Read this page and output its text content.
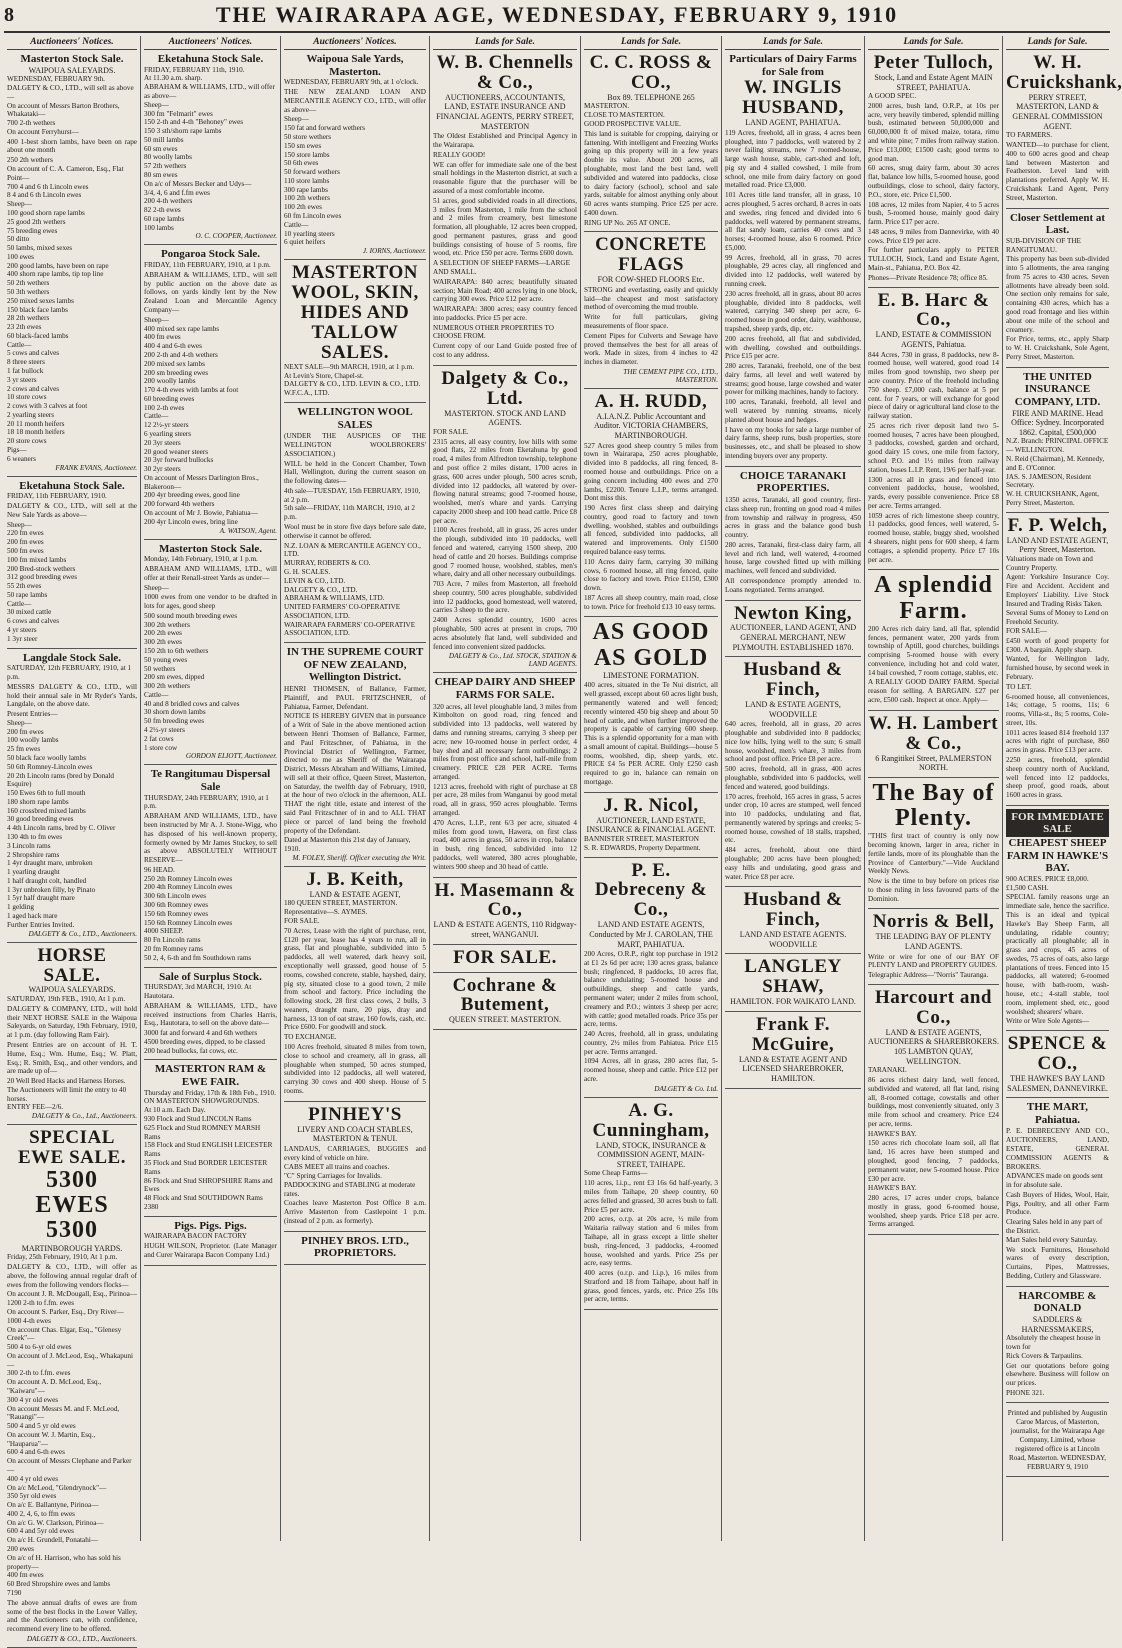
8	THE WAIRARAPA AGE, WEDNESDAY, FEBRUARY 9, 1910
Auctioneers' Notices.
Masterton Stock Sale.
WAIPOUA SALEYARDS.
WEDNESDAY, FEBRUARY 9th.
DALGETY & CO., LTD., will sell as above—
On account of Messrs Barton Brothers, Whakataki—
700 2-th wethers
On account Ferryhurst—
400 1-best shorn lambs, have been on rape about one month
250 2th wethers
On account of C. A. Cameron, Esq., Flat Point—
700 4 and 6 th Lincoln ewes
8 4 and 6 th Lincoln ewes
Sheep—
100 good shorn rape lambs
25 good 2th wethers
75 breeding ewes
50 ditto
50 lambs, mixed sexes
100 ewes
200 good lambs, have been on rape
400 shorn rape lambs, tip top line
50 2th wethers
50 3th wethers
250 mixed sexes lambs
150 black face lambs
28 2th wethers
23 2th ewes
60 black-faced lambs
Cattle—
5 cows and calves
8 three steers
1 fat bullock
3 yr steers
2 cows and calves
10 store cows
2 cows with 3 calves at foot
2 yearling steers
20 11 month heifers
18 18 month heifers
20 store cows
Pigs—
6 weaners
FRANK EVANS, Auctioneer.
Eketahuna Stock Sale.
FRIDAY, 11th FEBRUARY, 1910.
DALGETY & CO., LTD., will sell at the New Sale Yards as above—
Sheep—
220 fm ewes
200 fm ewes
500 fm ewes
100 fm mixed lambs
200 Bred-stock wethers
312 good breeding ewes
55 2th ewes
50 rape lambs
Cattle—
30 mixed cattle
6 cows and calves
4 yr steers
1 3yr steer
Langdale Stock Sale.
SATURDAY, 12th FEBRUARY, 1910, at 1 p.m.
MESSRS DALGETY & CO., LTD., will hold their annual sale in Mr Ryder's Yards, Langdale, on the above date.
Present Entries—
Sheep—
200 fm ewes
100 woolly lambs
25 fm ewes
50 black face woolly lambs
50 6th Romney-Lincoln ewes
20 2th Lincoln rams (bred by Donald Esquire)
150 Ewes 6th to full mouth
180 shorn rape lambs
160 crossbred mixed lambs
30 good breeding ewes
4 4th Lincoln rams, bred by C. Oliver
130 4th to fm ewes
3 Lincoln rams
2 Shropshire rams
1 4yr draught mare, unbroken
1 yearling draught
1 half draught colt, handled
1 3yr unbroken filly, by Pinato
1 5yr half draught mare
1 gelding
1 aged hack mare
Further Entries Invited.
DALGETY & Co., LTD., Auctioneers.
HORSE SALE.
WAIPOUA SALEYARDS.
SATURDAY, 19th FEB., 1910, At 1 p.m.
DALGETY & COMPANY, LTD., will hold their NEXT HORSE SALE in the Waipoua Saleyards, on Saturday, 19th February, 1910, at 1 p.m. (day following Ram Fair).
Present Entries are on account of H. T. Hume, Esq.; Wm. Hume, Esq.; W. Platt, Esq.; R. Smith, Esq., and other vendors, and are made up of—
20 Well Bred Hacks and Harness Horses.
The Auctioneers will limit the entry to 40 horses.
ENTRY FEE—2/6.
DALGETY & Co., Ltd., Auctioneers.
SPECIAL EWE SALE.
5300 EWES 5300
MARTINBOROUGH YARDS.
Friday, 25th February, 1910, At 1 p.m.
DALGETY & CO., LTD., will offer as above, the following annual regular draft of ewes from the following vendors flocks—
On account J. R. McDougall, Esq., Pirinoa—
1200 2-th to f.fm. ewes
On account S. Parker, Esq., Dry River—
1000 4-th ewes
On account Chas. Elgar, Esq., "Glenesy Creek"—
500 4 to 6-yr old ewes
On account of J. McLeod, Esq., Whakapuni—
300 2-th to f.fm. ewes
On account A. D. McLeod, Esq., "Kaiwaru"—
300 4 yr old ewes
On account Messrs M. and F. McLeod, "Rauangi"—
500 4 and 5 yr old ewes
On account W. J. Martin, Esq., "Hauparua"—
600 4 and 6-th ewes
On account of Messrs Clephane and Parker—
400 4 yr old ewes
On a/c McLeod, "Glendrynock"—
350 5yr old ewes
On a/c E. Ballantyne, Pirinoa—
400 2, 4, 6, to ffm ewes
On a/c G. W. Clarkson, Pirinoa—
600 4 and 5yr old ewes
On a/c H. Grundell, Ponatahi—
200 ewes
On a/c of H. Harrison, who has sold his property—
400 fm ewes
60 Bred Shropshire ewes and lambs
7190
The above annual drafts of ewes are from some of the best flocks in the Lower Valley, and the Auctioneers can, with confidence, recommend every line to be offered.
DALGETY & CO., LTD., Auctioneers.
Auctioneers' Notices.
Eketahuna Stock Sale.
FRIDAY, FEBRUARY 11th, 1910.
At 11.30 a.m. sharp.
ABRAHAM & WILLIAMS, LTD., will offer as above—
Sheep—
300 fm "Felmarit" ewes
150 2-th and 4-th "Behoney" ewes
150 3 sth/shorn rape lambs
50 mill lambs
60 sm ewes
80 woolly lambs
57 2th wethers
80 sm ewes
On a/c of Messrs Becker and Udys—
3/4, 4, 6 and f.fm ewes
200 4-th wethers
82 2-th ewes
60 rape lambs
100 lambs
O. C. COOPER, Auctioneer.
Pongaroa Stock Sale.
FRIDAY, 11th FEBRUARY, 1910, at 1 p.m.
ABRAHAM & WILLIAMS, LTD., will sell by public auction on the above date as follows, on yards kindly lent by the New Zealand Loan and Mercantile Agency Company—
Sheep—
400 mixed sex rape lambs
400 fm ewes
400 4 and 6-th ewes
200 2-th and 4-th wethers
200 mixed sex lambs
200 sm breeding ewes
200 woolly lambs
170 4-th ewes with lambs at foot
60 breeding ewes
100 2-th ewes
Cattle—
12 2½-yr steers
6 yearling steers
20 3yr steers
20 good weaner steers
20 3yr forward bullocks
30 2yr steers
On account of Messrs Darlington Bros., Blakeroon—
200 4yr breeding ewes, good line
200 forward 4th wethers
On account of Mr J. Bowie, Pahiatua—
200 4yr Lincoln ewes, bring line
A. WATSON, Agent.
Masterton Stock Sale.
Monday, 14th February, 1910, at 1 p.m.
ABRAHAM AND WILLIAMS, LTD., will offer at their Renall-street Yards as under—
Sheep—
1000 ewes from one vendor to be drafted in lots for ages, good sheep
500 sound mouth breeding ewes
300 2th wethers
200 2th ewes
300 2th ewes
150 2th to 6th wethers
50 young ewes
50 wethers
200 sm ewes, dipped
300 2th wethers
Cattle—
40 and 8 bridled cows and calves
30 shorn down lambs
50 fm breeding ewes
4 2½-yr steers
2 fat cows
1 store cow
GORDON ELIOTT, Auctioneer.
Te Rangitumau Dispersal Sale
THURSDAY, 24th FEBRUARY, 1910, at 1 p.m.
ABRAHAM AND WILLIAMS, LTD., have been instructed by Mr A. J. Stone-Wigg, who has disposed of his well-known property, formerly owned by Mr James Stuckey, to sell as above ABSOLUTELY WITHOUT RESERVE—
96 HEAD.
250 2th Romney Lincoln ewes
200 4th Romney Lincoln ewes
300 6th Lincoln ewes
300 6th Romney ewes
150 6th Romney ewes
150 6th Romney Lincoln ewes
4000 SHEEP.
80 Fn Lincoln rams
20 fm Romney rams
50 2, 4, 6-th and fm Southdown rams
Sale of Surplus Stock.
THURSDAY, 3rd MARCH, 1910. At Hautotara.
ABRAHAM & WILLIAMS, LTD., have received instructions from Charles Harris, Esq., Hautotara, to sell on the above date—
3000 fat and forward 4 and 6th wethers
4500 breeding ewes, dipped, to be classed
200 head bullocks, fat cows, etc.
MASTERTON RAM & EWE FAIR.
Thursday and Friday, 17th & 18th Feb., 1910.
ON MASTERTON SHOWGROUNDS.
At 10 a.m. Each Day.
930 Flock and Stud LINCOLN Rams
625 Flock and Stud ROMNEY MARSH Rams
158 Flock and Stud ENGLISH LEICESTER Rams
35 Flock and Stud BORDER LEICESTER Rams
86 Flock and Stud SHROPSHIRE Rams and Ewes
48 Flock and Stud SOUTHDOWN Rams
2380
Pigs. Pigs. Pigs.
WAIRARAPA BACON FACTORY
HUGH WILSON, Proprietor. (Late Manager and Curer Wairarapa Bacon Company Ltd.)
Auctioneers' Notices.
Waipoua Sale Yards, Masterton.
WEDNESDAY, FEBRUARY 9th, at 1 o'clock.
THE NEW ZEALAND LOAN AND MERCANTILE AGENCY CO., LTD., will offer as above—
Sheep—
150 fat and forward wethers
50 store wethers
150 sm ewes
150 store lambs
50 6th ewes
50 forward wethers
110 store lambs
300 rape lambs
100 2th wethers
100 2th ewes
60 fm Lincoln ewes
Cattle—
10 yearling steers
6 quiet heifers
J. IORNS, Auctioneer.
MASTERTON WOOL, SKIN, HIDES AND TALLOW SALES.
NEXT SALE—9th MARCH, 1910, at 1 p.m.
At Levin's Store, Chapel-st.
DALGETY & CO., LTD. LEVIN & CO., LTD. W.F.C.A., LTD.
WELLINGTON WOOL SALES
(UNDER THE AUSPICES OF THE WELLINGTON WOOLBROKERS' ASSOCIATION.)
WILL be held in the Concert Chamber, Town Hall, Wellington, during the current season on the following dates—
4th sale—TUESDAY, 15th FEBRUARY, 1910, at 2 p.m.
5th sale—FRIDAY, 11th MARCH, 1910, at 2 p.m.
Wool must be in store five days before sale date, otherwise it cannot be offered.
N.Z. LOAN & MERCANTILE AGENCY CO., LTD.
MURRAY, ROBERTS & CO.
G. H. SCALES.
LEVIN & CO., LTD.
DALGETY & CO., LTD.
ABRAHAM & WILLIAMS, LTD.
UNITED FARMERS' CO-OPERATIVE ASSOCIATION, LTD.
WAIRARAPA FARMERS' CO-OPERATIVE ASSOCIATION, LTD.
IN THE SUPREME COURT OF NEW ZEALAND, Wellington District.
HENRI THOMSEN, of Ballance, Farmer, Plaintiff, and PAUL FRITZSCHNER, of Pahiatua, Farmer, Defendant.
NOTICE IS HEREBY GIVEN that in pursuance of a Writ of Sale in the above mentioned action between Henri Thomsen of Ballance, Farmer, and Paul Fritzschner, of Pahiatua, in the Provincial District of Wellington, Farmer, directed to me as Sheriff of the Wairarapa District, Messrs Abraham and Williams, Limited, will sell at their office, Queen Street, Masterton, on Saturday, the twelfth day of February, 1910, at the hour of two o'clock in the afternoon, ALL THAT the right title, estate and interest of the said Paul Fritzschner of in and to ALL THAT piece or parcel of land being the freehold property of the Defendant.
Dated at Masterton this 21st day of January, 1910.
M. FOLEY, Sheriff. Officer executing the Writ.
J. B. Keith,
LAND & ESTATE AGENT,
180 QUEEN STREET, MASTERTON.
Representative—S. AYMES.
FOR SALE.
70 Acres, Lease with the right of purchase, rent, £120 per year, lease has 4 years to run, all in grass, flat and ploughable, subdivided into 5 paddocks, all well watered, dark heavy soil, exceptionally well grassed, good house of 5 rooms, cowshed concrete, stable, hayshed, dairy, pig sty, situated close to a good town, 2 mile from school and factory. Price including the following stock, 28 first class cows, 2 bulls, 3 weaners, draught mare, 20 pigs, dray and harness, 13 ton of oat straw, 160 fowls, cash, etc. Price £600. For goodwill and stock.
TO EXCHANGE.
100 Acres freehold, situated 8 miles from town, close to school and creamery, all in grass, all ploughable when stumped, 50 acres stumped, subdivided into 12 paddocks, all well watered, carrying 30 cows and 400 sheep. House of 5 rooms.
PINHEY'S
LIVERY AND COACH STABLES, MASTERTON & TENUI.
LANDAUS, CARRIAGES, BUGGIES and every kind of vehicle on hire.
CABS MEET all trains and coaches.
"C" Spring Carriages for Invalids.
PADDOCKING and STABLING at moderate rates.
Coaches leave Masterton Post Office 8 a.m. Arrive Masterton from Castlepoint 1 p.m. (instead of 2 p.m. as formerly).
PINHEY BROS. LTD., PROPRIETORS.
Lands for Sale.
W. B. Chennells & Co.,
AUCTIONEERS, ACCOUNTANTS, LAND, ESTATE INSURANCE AND FINANCIAL AGENTS, PERRY STREET, MASTERTON
The Oldest Established and Principal Agency in the Wairarapa.
REALLY GOOD!
WE can offer for immediate sale one of the best small holdings in the Masterton district, at such a reasonable figure that the purchaser will be assured of a most comfortable income.
51 acres, good subdivided roads in all directions, 3 miles from Masterton, 1 mile from the school and 2 miles from creamery, best limestone formation, all ploughable, 12 acres been cropped, good permanent pastures, grass and good buildings consisting of house of 5 rooms, fire wood, etc. Price £50 per acre. Terms £600 down.
A SELECTION OF SHEEP FARMS—LARGE AND SMALL.
WAIRARAPA: 840 acres; beautifully situated section; Main Road; 400 acres lying in one block, carrying 300 ewes. Price £12 per acre.
WAIRARAPA: 3800 acres; easy country fenced into paddocks. Price £5 per acre.
NUMEROUS OTHER PROPERTIES TO CHOOSE FROM.
Current copy of our Land Guide posted free of cost to any address.
Dalgety & Co., Ltd.
MASTERTON. STOCK AND LAND AGENTS.
FOR SALE.
2315 acres, all easy country, low hills with some good flats, 22 miles from Eketahuna by good road, 4 miles from Alfredton township, telephone and post office 2 miles distant, 1700 acres in grass, 600 acres under plough, 500 acres scrub, divided into 12 paddocks, all watered by over-flowing natural streams; good 7-roomed house, woolshed, men's whare and yards. Carrying capacity 2000 sheep and 100 head cattle. Price £8 per acre.
1100 Acres freehold, all in grass, 26 acres under the plough, subdivided into 10 paddocks, well fenced and watered, carrying 1500 sheep, 200 head of cattle and 20 horses. Buildings comprise good 7 roomed house, woolshed, stables, men's whare, dairy and all other necessary outbuildings.
703 Acre, 7 miles from Masterton, all freehold sheep country, 500 acres ploughable, subdivided into 12 paddocks, good homestead, well watered, carries 3 sheep to the acre.
2400 Acres splendid country, 1600 acres ploughable, 500 acres at present in crops, 700 acres absolutely flat land, well subdivided and fenced into convenient sized paddocks.
DALGETY & Co., Ltd. STOCK, STATION & LAND AGENTS.
CHEAP DAIRY AND SHEEP FARMS FOR SALE.
320 acres, all level ploughable land, 3 miles from Kimbolton on good road, ring fenced and subdivided into 13 paddocks, well watered by dams and running streams, carrying 3 sheep per acre; new 10-roomed house in perfect order, 4 bay shed and all necessary farm outbuildings; 2 miles from post office and school, half-mile from creamery. PRICE £28 PER ACRE. Terms arranged.
1213 acres, freehold with right of purchase at £8 per acre, 28 miles from Wanganui by good metal road, all in grass, 950 acres ploughable. Terms arranged.
470 Acres, L.I.P., rent 6/3 per acre, situated 4 miles from good town, Hawera, on first class road, 400 acres in grass, 50 acres in crop, balance in bush, ring fenced, subdivided into 12 paddocks, well watered, 380 acres ploughable, winters 900 sheep and 30 head of cattle.
H. Masemann & Co.,
LAND & ESTATE AGENTS, 110 Ridgway-street, WANGANUI.
FOR SALE.
Cochrane & Butement,
QUEEN STREET. MASTERTON.
Lands for Sale.
C. C. ROSS & CO.,
Box 89. TELEPHONE 265
MASTERTON.
CLOSE TO MASTERTON.
GOOD PROSPECTIVE VALUE.
This land is suitable for cropping, dairying or fattening. With intelligent and Freezing Works going up this property will in a few years double its value. About 200 acres, all ploughable, most land the best land, well subdivided and watered into paddocks, close to dairy factory (school), school and sale yards, suitable for almost anything only about 60 acres wants stumping. Price £25 per acre. £400 down.
RING UP No. 265 AT ONCE.
CONCRETE FLAGS
FOR COW-SHED FLOORS Etc.
STRONG and everlasting, easily and quickly laid—the cheapest and most satisfactory method of overcoming the mud trouble.
Write for full particulars, giving measurements of floor space.
Cement Pipes for Culverts and Sewage have proved themselves the best for all areas of work. Made in sizes, from 4 inches to 42 inches in diameter.
THE CEMENT PIPE CO., LTD., MASTERTON.
A. H. RUDD,
A.I.A.N.Z. Public Accountant and Auditor. VICTORIA CHAMBERS, MARTINBOROUGH.
527 Acres good sheep country 5 miles from town in Wairarapa, 250 acres ploughable, divided into 8 paddocks, all ring fenced, 8-roomed house and outbuildings. Price on a going concern including 400 ewes and 270 lambs, £2200. Tenure L.I.P., terms arranged. Dont miss this.
190 Acres first class sheep and dairying country, good road to factory and town dwelling, woolshed, stables and outbuildings all fenced, subdivided into paddocks, all watered and improvements. Only £1500 required balance easy terms.
110 Acres dairy farm, carrying 30 milking cows, 6 roomed house, all ring fenced, quite close to factory and town. Price £1150, £300 down.
187 Acres all sheep country, main road, close to town. Price for freehold £13 10 easy terms.
AS GOOD AS GOLD
LIMESTONE FORMATION.
400 acres, situated in the Te Nui district, all well grassed, except about 60 acres light bush, permanently watered and well fenced; recently wintered 450 big sheep and about 50 head of cattle, and when further improved the property is capable of carrying 600 sheep. This is a splendid opportunity for a man with a small amount of capital. Buildings—house 5 rooms, woolshed, dip, sheep yards, etc. PRICE £4 5s PER ACRE. Only £250 cash required to go in, balance can remain on mortgage.
J. R. Nicol,
AUCTIONEER, LAND ESTATE, INSURANCE & FINANCIAL AGENT.
BANNISTER STREET, MASTERTON
S. R. EDWARDS, Property Department.
P. E. Debreceny & Co.,
LAND AND ESTATE AGENTS, Conducted by Mr J. CAROLAN, THE MART, PAHIATUA.
200 Acres, O.R.P., right top purchase in 1912 at £1 2s 6d per acre; 130 acres grass, balance bush; ringfenced, 8 paddocks, 10 acres flat, balance undulating; 5-roomed house and outbuildings, sheep and cattle yards, permanent water; under 2 miles from school, creamery and P.O.; winters 3 sheep per acre; with cattle; good metalled roads. Price 35s per acre, terms.
240 Acres, freehold, all in grass, undulating country, 2½ miles from Pahiatua. Price £15 per acre. Terms arranged.
1094 Acres, all in grass, 280 acres flat, 5-roomed house, sheep and cattle. Price £12 per acre.
DALGETY & Co. Ltd.
A. G. Cunningham,
LAND, STOCK, INSURANCE & COMMISSION AGENT, MAIN-STREET, TAIHAPE.
Some Cheap Farms—
110 acres, l.i.p., rent £3 16s 6d half-yearly, 3 miles from Taihape, 20 sheep country, 60 acres felled and grassed, 30 acres bush to fall. Price £5 per acre.
200 acres, o.r.p. at 20s acre, ½ mile from Waitaria railway station and 6 miles from Taihape, all in grass except a little shelter bush, ring-fenced, 3 paddocks, 4-roomed house, woolshed and yards. Price 25s per acre, easy terms.
400 acres (o.r.p. and l.i.p.), 16 miles from Stratford and 18 from Taihape, about half in grass, good fences, yards, etc. Price 25s 10s per acre, terms.
Lands for Sale.
Particulars of Dairy Farms for Sale from
W. INGLIS HUSBAND,
LAND AGENT, PAHIATUA.
119 Acres, freehold, all in grass, 4 acres been ploughed, into 7 paddocks, well watered by 2 never failing streams, new 7 roomed-house, large wash house, stable, cart-shed and loft, pig sty and 4 stalled cowshed, 1 mile from school, one mile from dairy factory on good metalled road. Price £3,000.
101 Acres title land transfer, all in grass, 10 acres ploughed, 5 acres orchard, 8 acres in oats and swedes, ring fenced and divided into 6 paddocks, well watered by permanent streams, all flat sandy loam, carries 40 cows and 3 horses; 4-roomed house, also 6 roomed. Price £5,000.
99 Acres, freehold, all in grass, 70 acres ploughable, 29 acres clay, all ringfenced and divided into 12 paddocks, well watered by running creek.
230 acres freehold, all in grass, about 80 acres ploughable, divided into 8 paddocks, well watered, carrying 340 sheep per acre, 6-roomed house in good order, dairy, washhouse, trapshed, sheep yards, dip, etc.
200 acres freehold, all flat and subdivided, with dwelling, cowshed and outbuildings. Price £15 per acre.
280 acres, Taranaki, freehold, one of the best dairy farms, all level and well watered by streams; good house, large cowshed and water power for milking machines, handy to factory.
100 acres, Taranaki, freehold, all level and well watered by running streams, nicely planted about house and hedges.
I have on my books for sale a large number of dairy farms, sheep runs, bush properties, store businesses, etc., and shall be pleased to show intending buyers over any property.
CHOICE TARANAKI PROPERTIES.
1350 acres, Taranaki, all good country, first-class sheep run, fronting on good road 4 miles from township and railway in progress, 450 acres in grass and the balance good bush country.
280 acres, Taranaki, first-class dairy farm, all level and rich land, well watered, 4-roomed house, large cowshed fitted up with milking machines, well fenced and subdivided.
All correspondence promptly attended to. Loans negotiated. Terms arranged.
Newton King,
AUCTIONEER, LAND AGENT, AND GENERAL MERCHANT, NEW PLYMOUTH. ESTABLISHED 1870.
Husband & Finch,
LAND & ESTATE AGENTS, WOODVILLE
640 acres, freehold, all in grass, 20 acres ploughable and subdivided into 8 paddocks; nice low hills, lying well to the sun; 6 small house, woolshed, men's whare, 3 miles from school and post office. Price £8 per acre.
500 acres, freehold, all in grass, 400 acres ploughable, subdivided into 6 paddocks, well fenced and watered, good buildings.
170 acres, freehold, 165 acres in grass, 5 acres under crop, 10 acres are stumped, well fenced into 10 paddocks, undulating and flat, permanently watered by springs and creeks; 5-roomed house, cowshed of 18 stalls, trapshed, etc.
484 acres, freehold, about one third ploughable; 200 acres have been ploughed; easy hills and undulating, good grass and water. Price £8 per acre.
Husband & Finch,
LAND AND ESTATE AGENTS. WOODVILLE
LANGLEY SHAW,
HAMILTON. FOR WAIKATO LAND.
Frank F. McGuire,
LAND & ESTATE AGENT AND LICENSED SHAREBROKER, HAMILTON.
Lands for Sale.
Peter Tulloch,
Stock, Land and Estate Agent MAIN STREET, PAHIATUA.
A GOOD SPEC.
2000 acres, bush land, O.R.P., at 10s per acre, very heavily timbered, splendid milling bush, estimated between 50,000,000 and 60,000,000 ft of mixed maize, totara, rimu and white pine; 7 miles from railway station. Price £13,000; £1500 cash; good terms to good man.
60 acres, snug dairy farm, about 30 acres flat, balance low hills, 5-roomed house, good outbuildings, close to school, dairy factory, P.O., store, etc. Price £1,500.
108 acres, 12 miles from Napier, 4 to 5 acres bush, 5-roomed house, mainly good dairy farm. Price £17 per acre.
148 acres, 9 miles from Dannevirke, with 40 cows. Price £19 per acre.
For further particulars apply to PETER TULLOCH, Stock, Land and Estate Agent, Main-st., Pahiatua, P.O. Box 42.
Phones—Private Residence 78; office 85.
E. B. Harc & Co.,
LAND, ESTATE & COMMISSION AGENTS, Pahiatua.
844 Acres, 730 in grass, 8 paddocks, new 8-roomed house, well watered, good road 14 miles from good township, two sheep per acre country. Price of the freehold including 750 sheep. £7,000 cash, balance at 5 per cent. for 7 years, or will exchange for good piece of dairy or agricultural land close to the railway station.
25 acres rich river deposit land two 5-roomed houses, 7 acres have been ploughed, 3 paddocks, cowshed, garden and orchard, good dairy 15 cows, one mile from factory, school P.O. and 1½ miles from railway station, buses L.I.P. Rent, 19/6 per half-year.
1300 acres all in grass and fenced into convenient paddocks, house, woolshed, yards, every possible convenience. Price £8 per acre. Terms arranged.
1059 acres of rich limestone sheep country, 11 paddocks, good fences, well watered, 5-roomed house, stable, buggy shed, woolshed 4 shearers, night pens for 600 sheep, 4 farm cottages, a splendid property. Price £7 10s per acre.
A splendid Farm.
200 Acres rich dairy land, all flat, splendid fences, permanent water, 200 yards from township of Aptill, good churches, buildings comprising 5-roomed house with every convenience, including hot and cold water, 14 bail cowshed, 7 room cottage, stables, etc.
A REALLY GOOD DAIRY FARM. Special reason for selling. A BARGAIN. £27 per acre, £500 cash. Inspect at once. Apply—
W. H. Lambert & Co.,
6 Rangitikei Street, PALMERSTON NORTH.
The Bay of Plenty.
"THIS first tract of country is only now becoming known, larger in area, richer in fertile lands, more of its ploughable than the Province of Canterbury."—Vide Auckland Weekly News.
Now is the time to buy before on prices rise to those ruling in less favoured parts of the Dominion.
Norris & Bell,
THE LEADING BAY OF PLENTY LAND AGENTS.
Write or wire for one of our BAY OF PLENTY LAND and PROPERTY GUIDES.
Telegraphic Address—"Norris" Tauranga.
Harcourt and Co.,
LAND & ESTATE AGENTS, AUCTIONEERS & SHAREBROKERS. 105 LAMBTON QUAY, WELLINGTON.
TARANAKI.
86 acres richest dairy land, well fenced, subdivided and watered, all flat land, rising all, 8-roomed cottage, cowstalls and other buildings, most conveniently situated, only 3 mile from school and creamery. Price £24 per acre, terms.
HAWKE'S BAY.
150 acres rich chocolate loam soil, all flat land, 16 acres have been stumped and ploughed, good fencing, 7 paddocks, permanent water, new 5-roomed house. Price £30 per acre.
HAWKE'S BAY.
280 acres, 17 acres under crops, balance mostly in grass, good 6-roomed house, woolshed, sheep yards. Price £18 per acre. Terms arranged.
Lands for Sale.
W. H. Cruickshank,
PERRY STREET, MASTERTON, LAND & GENERAL COMMISSION AGENT.
TO FARMERS.
WANTED—to purchase for client, 400 to 600 acres good and cheap land between Masterton and Featherston. Level land with plantations preferred. Apply W. H. Cruickshank Land Agent, Perry Street, Masterton.
Closer Settlement at Last.
SUB-DIVISION OF THE RANGITUMAU.
This property has been sub-divided into 5 allotments, the area ranging from 75 acres to 430 acres. Seven allotments have already been sold. One section only remains for sale, containing 430 acres, which has a good road frontage and lies within about one mile of the school and creamery.
For Price, terms, etc., apply Sharp to W. H. Cruickshank, Sole Agent, Perry Street, Masterton.
THE UNITED INSURANCE COMPANY, LTD.
FIRE AND MARINE. Head Office: Sydney. Incorporated 1862. Capital, £500,000
N.Z. Branch: PRINCIPAL OFFICE — WELLINGTON.
N. Reid (Chairman), M. Kennedy, and E. O'Connor.
JAS. S. JAMESON, Resident Secretary.
W. H. CRUICKSHANK, Agent, Perry Street, Masterton.
F. P. Welch,
LAND AND ESTATE AGENT, Perry Street, Masterton.
Valuations made on Town and Country Property.
Agent: Yorkshire Insurance Coy. Fire and Accident. Accident and Employers' Liability. Live Stock Insured and Trading Risks Taken.
Several Sums of Money to Lend on Freehold Security.
FOR SALE—
£450 worth of good property for £300. A bargain. Apply sharp.
Wanted, for Wellington lady, furnished house, by second week in February.
TO LET.
6-roomed house, all conveniences, 14s; cottage, 5 rooms, 11s; 6 rooms, Villa-st., 8s; 5 rooms, Cole-street, 10s.
1011 acres leased 814 freehold 137 acres with right of purchase, 860 acres in grass. Price £13 per acre.
2250 acres, freehold, splendid sheep country north of Auckland, well fenced into 12 paddocks, sheep proof, good roads, about 1600 acres in grass.
FOR IMMEDIATE SALE
CHEAPEST SHEEP FARM IN HAWKE'S BAY.
900 ACRES. PRICE £8,000. £1,500 CASH.
SPECIAL family reasons urge an immediate sale, hence the sacrifice. This is an ideal and typical Hawke's Bay Sheep Farm, all undulating, ridable country; practically all ploughable; all in grass and crops, 45 acres of swedes, 75 acres of oats, also large plantations of trees. Fenced into 15 paddocks, all watered; 6-roomed house, with bath-room, wash-house, etc.; 4-stall stable, tool room, implement shed, etc., good woolshed; shearers' whare.
Write or Wire Sole Agents—
SPENCE & CO.,
THE HAWKE'S BAY LAND SALESMEN, DANNEVIRKE.
THE MART, Pahiatua.
P. E. DEBRECENY AND CO., AUCTIONEERS, LAND, ESTATE, GENERAL COMMISSION AGENTS & BROKERS.
ADVANCES made on goods sent in for absolute sale.
Cash Buyers of Hides, Wool, Hair, Pigs, Poultry, and all other Farm Produce.
Clearing Sales held in any part of the District.
Mart Sales held every Saturday.
We stock Furnitures, Household wares of every description, Curtains, Pipes, Mattresses, Bedding, Cutlery and Glassware.
HARCOMBE & DONALD
SADDLERS & HARNESSMAKERS,
Absolutely the cheapest house in town for
Rick Covers & Tarpaulins.
Get our quotations before going elsewhere. Business will follow on our prices.
PHONE 321.
Printed and published by Augustin Caroe Marcus, of Masterton, journalist, for the Wairarapa Age Company, Limited, whose registered office is at Lincoln Road, Masterton. WEDNESDAY, FEBRUARY 9, 1910
